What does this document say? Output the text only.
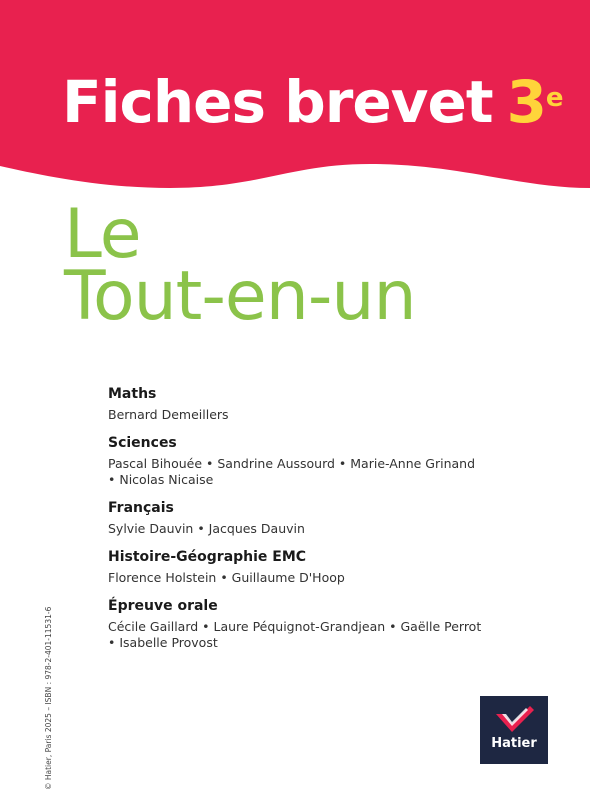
Fiches brevet 3e
Le
Tout-en-un
Maths

Bernard Demeillers

Sciences

Pascal Bihouée • Sandrine Aussourd • Marie-Anne Grinand

• Nicolas Nicaise

Français

Sylvie Dauvin • Jacques Dauvin

Histoire-Géographie EMC

Florence Holstein • Guillaume D'Hoop

Épreuve orale

Cécile Gaillard • Laure Péquignot-Grandjean • Gaëlle Perrot

• Isabelle Provost

© Hatier, Paris 2025 – ISBN : 978-2-401-11531-6	Hatier
